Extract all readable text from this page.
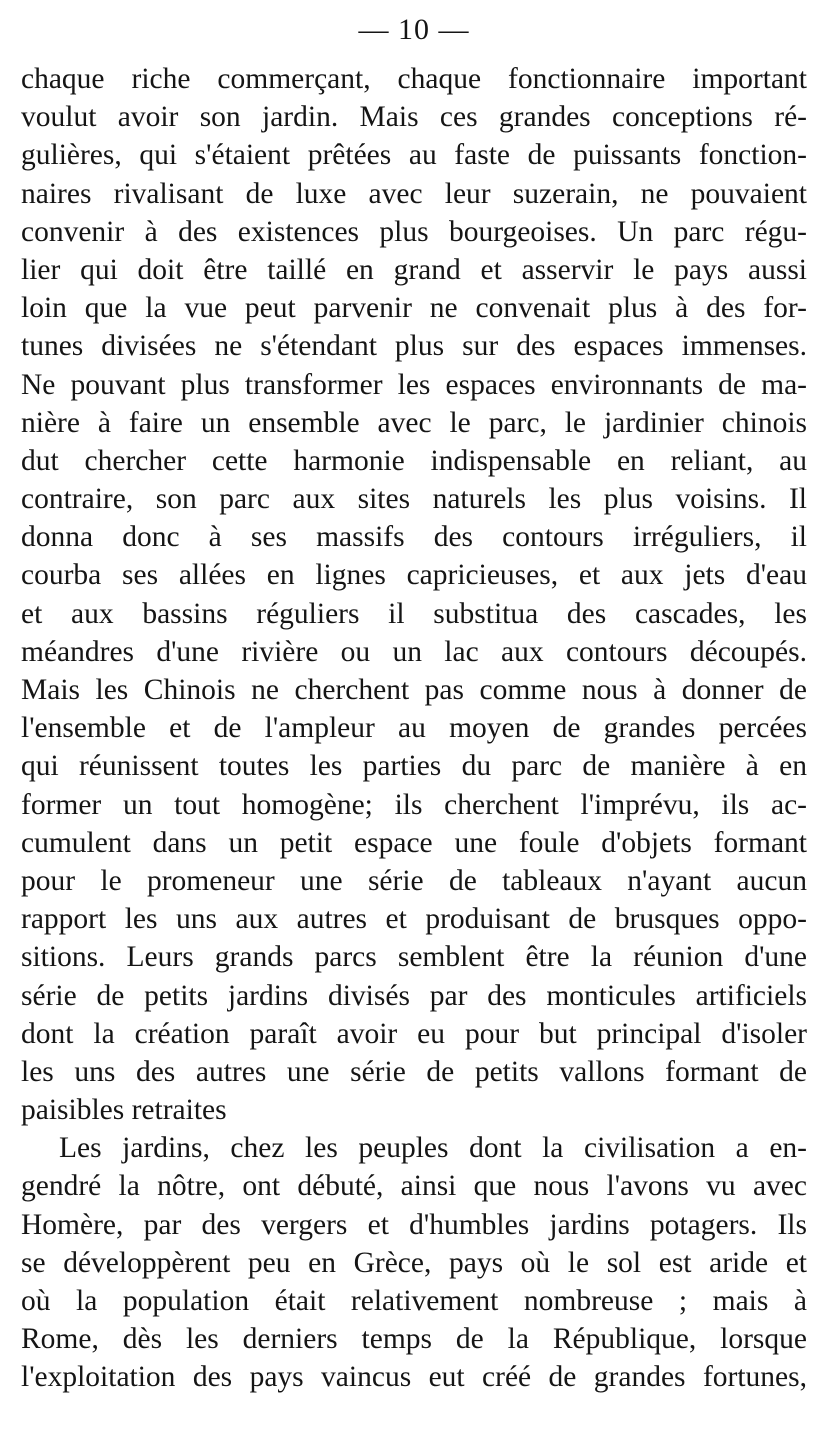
— 10 —
chaque riche commerçant, chaque fonctionnaire important
voulut avoir son jardin. Mais ces grandes conceptions ré-
gulières, qui s'étaient prêtées au faste de puissants fonction-
naires rivalisant de luxe avec leur suzerain, ne pouvaient
convenir à des existences plus bourgeoises. Un parc régu-
lier qui doit être taillé en grand et asservir le pays aussi
loin que la vue peut parvenir ne convenait plus à des for-
tunes divisées ne s'étendant plus sur des espaces immenses.
Ne pouvant plus transformer les espaces environnants de ma-
nière à faire un ensemble avec le parc, le jardinier chinois
dut chercher cette harmonie indispensable en reliant, au
contraire, son parc aux sites naturels les plus voisins. Il
donna donc à ses massifs des contours irréguliers, il
courba ses allées en lignes capricieuses, et aux jets d'eau
et aux bassins réguliers il substitua des cascades, les
méandres d'une rivière ou un lac aux contours découpés.
Mais les Chinois ne cherchent pas comme nous à donner de
l'ensemble et de l'ampleur au moyen de grandes percées
qui réunissent toutes les parties du parc de manière à en
former un tout homogène; ils cherchent l'imprévu, ils ac-
cumulent dans un petit espace une foule d'objets formant
pour le promeneur une série de tableaux n'ayant aucun
rapport les uns aux autres et produisant de brusques oppo-
sitions. Leurs grands parcs semblent être la réunion d'une
série de petits jardins divisés par des monticules artificiels
dont la création paraît avoir eu pour but principal d'isoler
les uns des autres une série de petits vallons formant de
paisibles retraites
Les jardins, chez les peuples dont la civilisation a en-
gendré la nôtre, ont débuté, ainsi que nous l'avons vu avec
Homère, par des vergers et d'humbles jardins potagers. Ils
se développèrent peu en Grèce, pays où le sol est aride et
où la population était relativement nombreuse ; mais à
Rome, dès les derniers temps de la République, lorsque
l'exploitation des pays vaincus eut créé de grandes fortunes,
